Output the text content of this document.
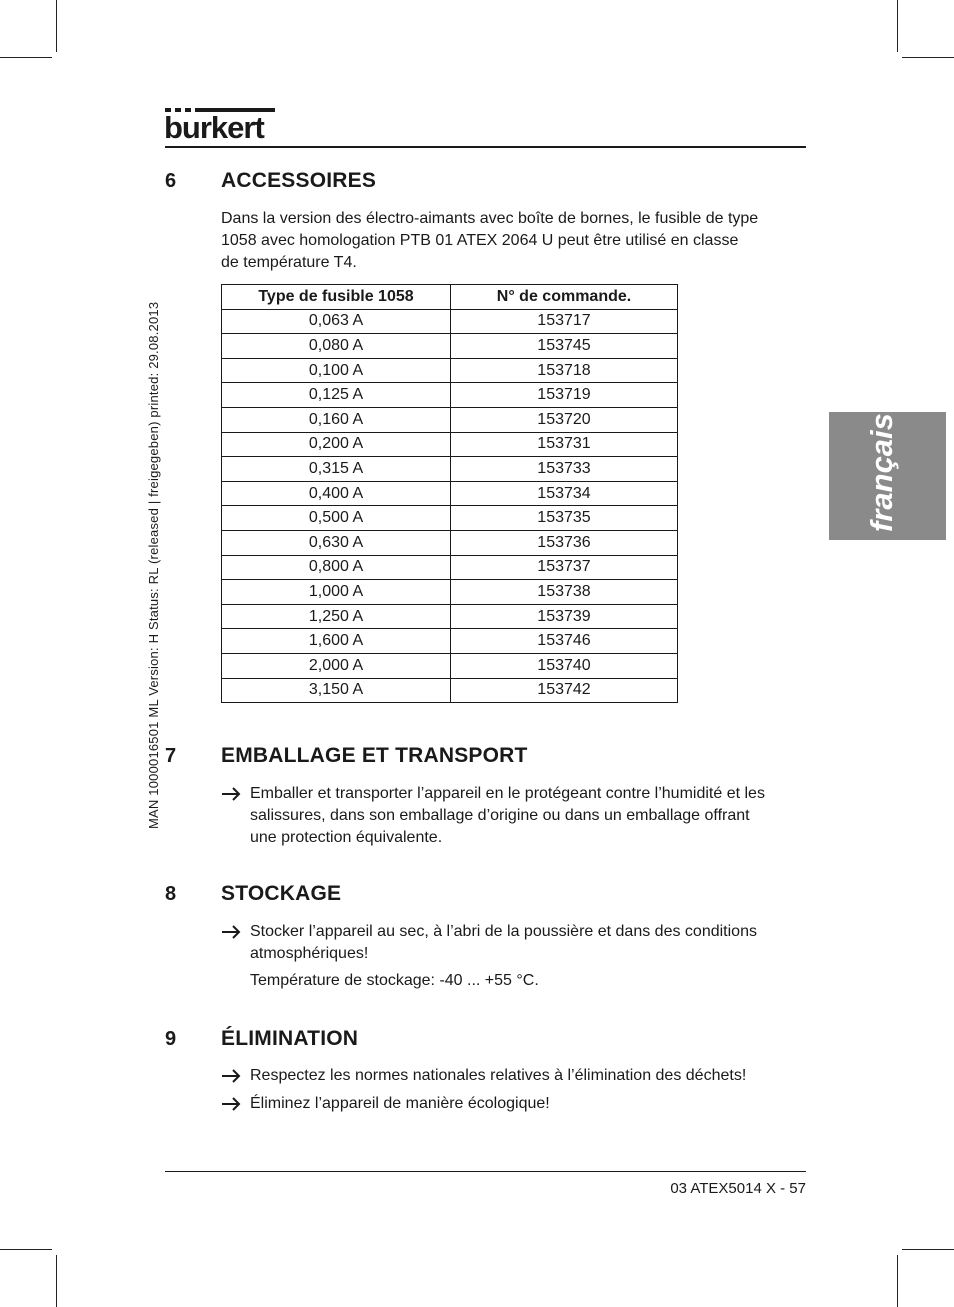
burkert
MAN 1000016501 ML Version: H Status: RL (released | freigegeben) printed: 29.08.2013	français
6 ACCESSOIRES
Dans la version des électro-aimants avec boîte de bornes, le fusible de type
1058 avec homologation PTB 01 ATEX 2064 U peut être utilisé en classe
de température T4.
Type de fusible 1058	N° de commande.
0,063 A	153717
0,080 A	153745
0,100 A	153718
0,125 A	153719
0,160 A	153720
0,200 A	153731
0,315 A	153733
0,400 A	153734
0,500 A	153735
0,630 A	153736
0,800 A	153737
1,000 A	153738
1,250 A	153739
1,600 A	153746
2,000 A	153740
3,150 A	153742
7 EMBALLAGE ET TRANSPORT
Emballer et transporter l’appareil en le protégeant contre l’humidité et les
salissures, dans son emballage d’origine ou dans un emballage offrant
une protection équivalente.
8 STOCKAGE
Stocker l’appareil au sec, à l’abri de la poussière et dans des conditions
atmosphériques!
Température de stockage: -40 ... +55 °C.
9 ÉLIMINATION
Respectez les normes nationales relatives à l’élimination des déchets!
Éliminez l’appareil de manière écologique!
03 ATEX5014 X - 57
